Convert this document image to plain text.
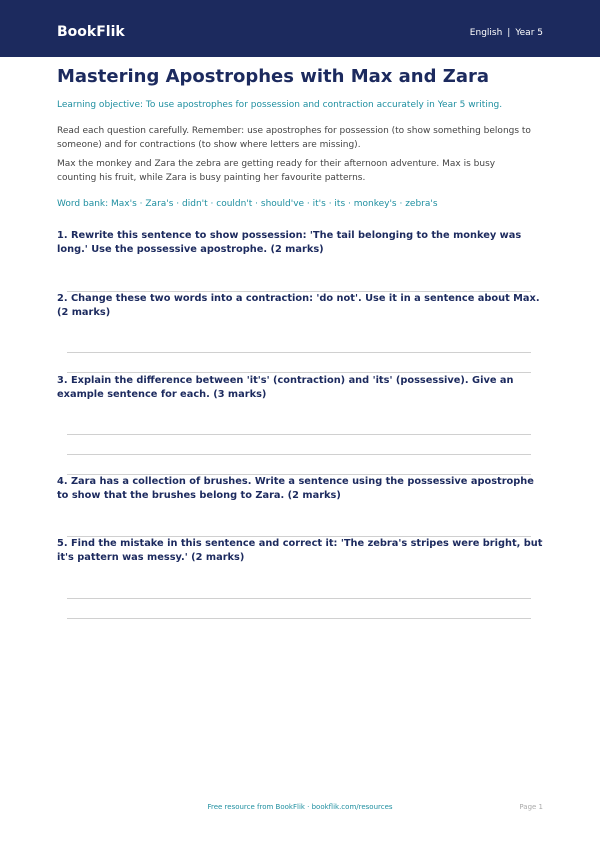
BookFlik	English | Year 5
Mastering Apostrophes with Max and Zara

Learning objective: To use apostrophes for possession and contraction accurately in Year 5 writing.

Read each question carefully. Remember: use apostrophes for possession (to show something belongs to someone) and for contractions (to show where letters are missing).

Max the monkey and Zara the zebra are getting ready for their afternoon adventure. Max is busy counting his fruit, while Zara is busy painting her favourite patterns.

Word bank: Max's · Zara's · didn't · couldn't · should've · it's · its · monkey's · zebra's

1. Rewrite this sentence to show possession: 'The tail belonging to the monkey was long.' Use the possessive apostrophe. (2 marks)
2. Change these two words into a contraction: 'do not'. Use it in a sentence about Max. (2 marks)
3. Explain the difference between 'it's' (contraction) and 'its' (possessive). Give an example sentence for each. (3 marks)
4. Zara has a collection of brushes. Write a sentence using the possessive apostrophe to show that the brushes belong to Zara. (2 marks)
5. Find the mistake in this sentence and correct it: 'The zebra's stripes were bright, but it's pattern was messy.' (2 marks)
Free resource from BookFlik · bookflik.com/resources	Page 1
